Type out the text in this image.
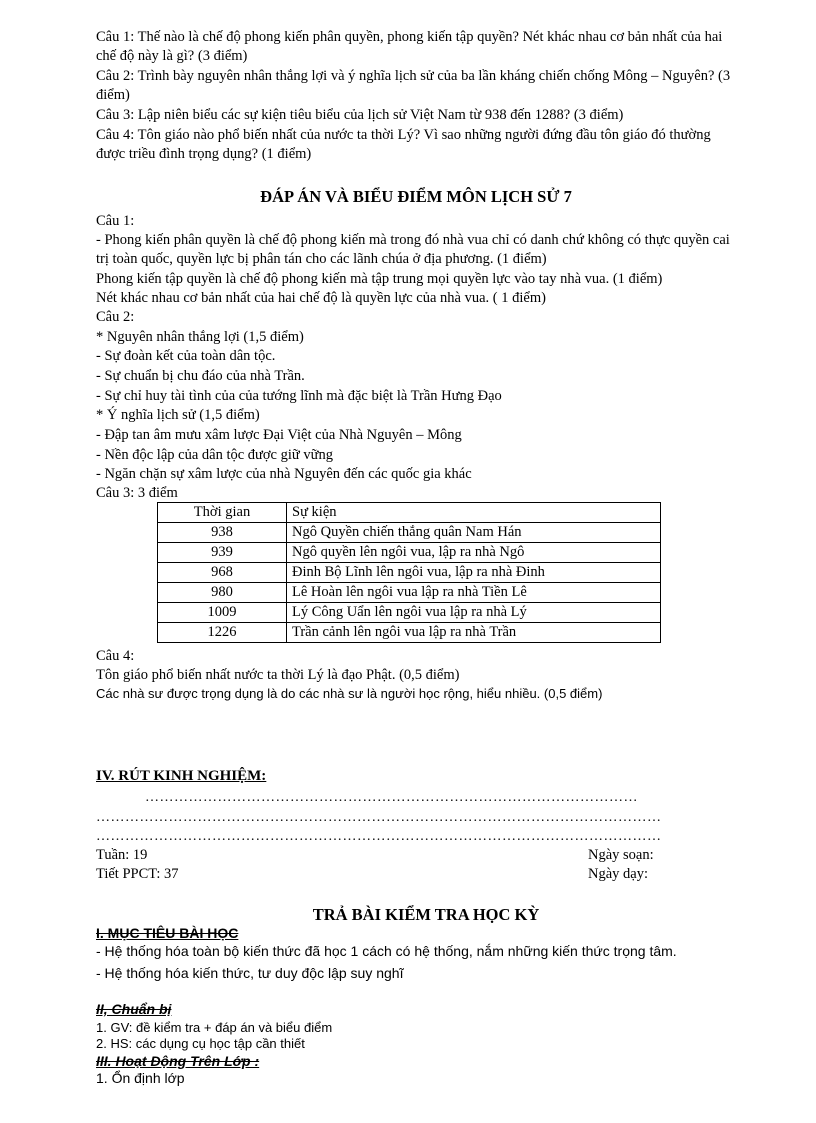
Câu 1: Thế nào là chế độ phong kiến phân quyền, phong kiến tập quyền? Nét khác nhau cơ bản nhất của hai chế độ này là gì? (3 điểm)
Câu 2: Trình bày nguyên nhân thắng lợi và ý nghĩa lịch sử của ba lần kháng chiến chống Mông – Nguyên? (3 điểm)
Câu 3: Lập niên biểu các sự kiện tiêu biểu của lịch sử Việt Nam từ 938 đến 1288? (3 điểm)
Câu 4: Tôn giáo nào phổ biến nhất của nước ta thời Lý? Vì sao những người đứng đầu tôn giáo đó thường được triều đình trọng dụng? (1 điểm)
ĐÁP ÁN VÀ BIỂU ĐIỂM MÔN LỊCH SỬ 7
Câu 1:
- Phong kiến phân quyền là chế độ phong kiến mà trong đó nhà vua chỉ có danh chứ không có thực quyền cai trị toàn quốc, quyền lực bị phân tán cho các lãnh chúa ở địa phương. (1 điểm)
Phong kiến tập quyền là chế độ phong kiến mà tập trung mọi quyền lực vào tay nhà vua. (1 điểm)
Nét khác nhau cơ bản nhất của hai chế độ là quyền lực của nhà vua. ( 1 điểm)
Câu 2:
* Nguyên nhân thắng lợi (1,5 điểm)
- Sự đoàn kết của toàn dân tộc.
- Sự chuẩn bị chu đáo của nhà Trần.
- Sự chỉ huy tài tình của của tướng lĩnh mà đặc biệt là Trần Hưng Đạo
* Ý nghĩa lịch sử (1,5 điểm)
- Đập tan âm mưu xâm lược Đại Việt của Nhà Nguyên – Mông
- Nền độc lập của dân tộc được giữ vững
- Ngăn chặn sự xâm lược của nhà Nguyên đến các quốc gia khác
Câu 3: 3 điểm
Thời gian	Sự kiện
938	Ngô Quyền chiến thắng quân Nam Hán
939	Ngô quyền lên ngôi vua, lập ra nhà Ngô
968	Đinh Bộ Lĩnh lên ngôi vua, lập ra nhà Đinh
980	Lê Hoàn lên ngôi vua lập ra nhà Tiền Lê
1009	Lý Công Uẩn lên ngôi vua lập ra nhà Lý
1226	Trần cảnh lên ngôi vua lập ra nhà Trần
Câu 4:
Tôn giáo phổ biến nhất nước ta thời Lý là đạo Phật. (0,5 điểm)
Các nhà sư được trọng dụng là do các nhà sư là người học rộng, hiểu nhiều. (0,5 điểm)
IV. RÚT KINH NGHIỆM:
…………………………………………………………………………………………
………………………………………………………………………………………………………
………………………………………………………………………………………………………
Tuần: 19
Tiết PPCT: 37
Ngày soạn:
Ngày dạy:
TRẢ BÀI KIỂM TRA HỌC KỲ
I. MỤC TIÊU BÀI HỌC
- Hệ thống hóa toàn bộ kiến thức đã học 1 cách có hệ thống, nắm những kiến thức trọng tâm.
- Hệ thống hóa kiến thức, tư duy độc lập suy nghĩ
II, Chuẩn bị
1. GV: đề kiểm tra + đáp án và biểu điểm
2. HS: các dụng cụ học tập cần thiết
III. Hoạt Động Trên Lớp :
1. Ổn định lớp
